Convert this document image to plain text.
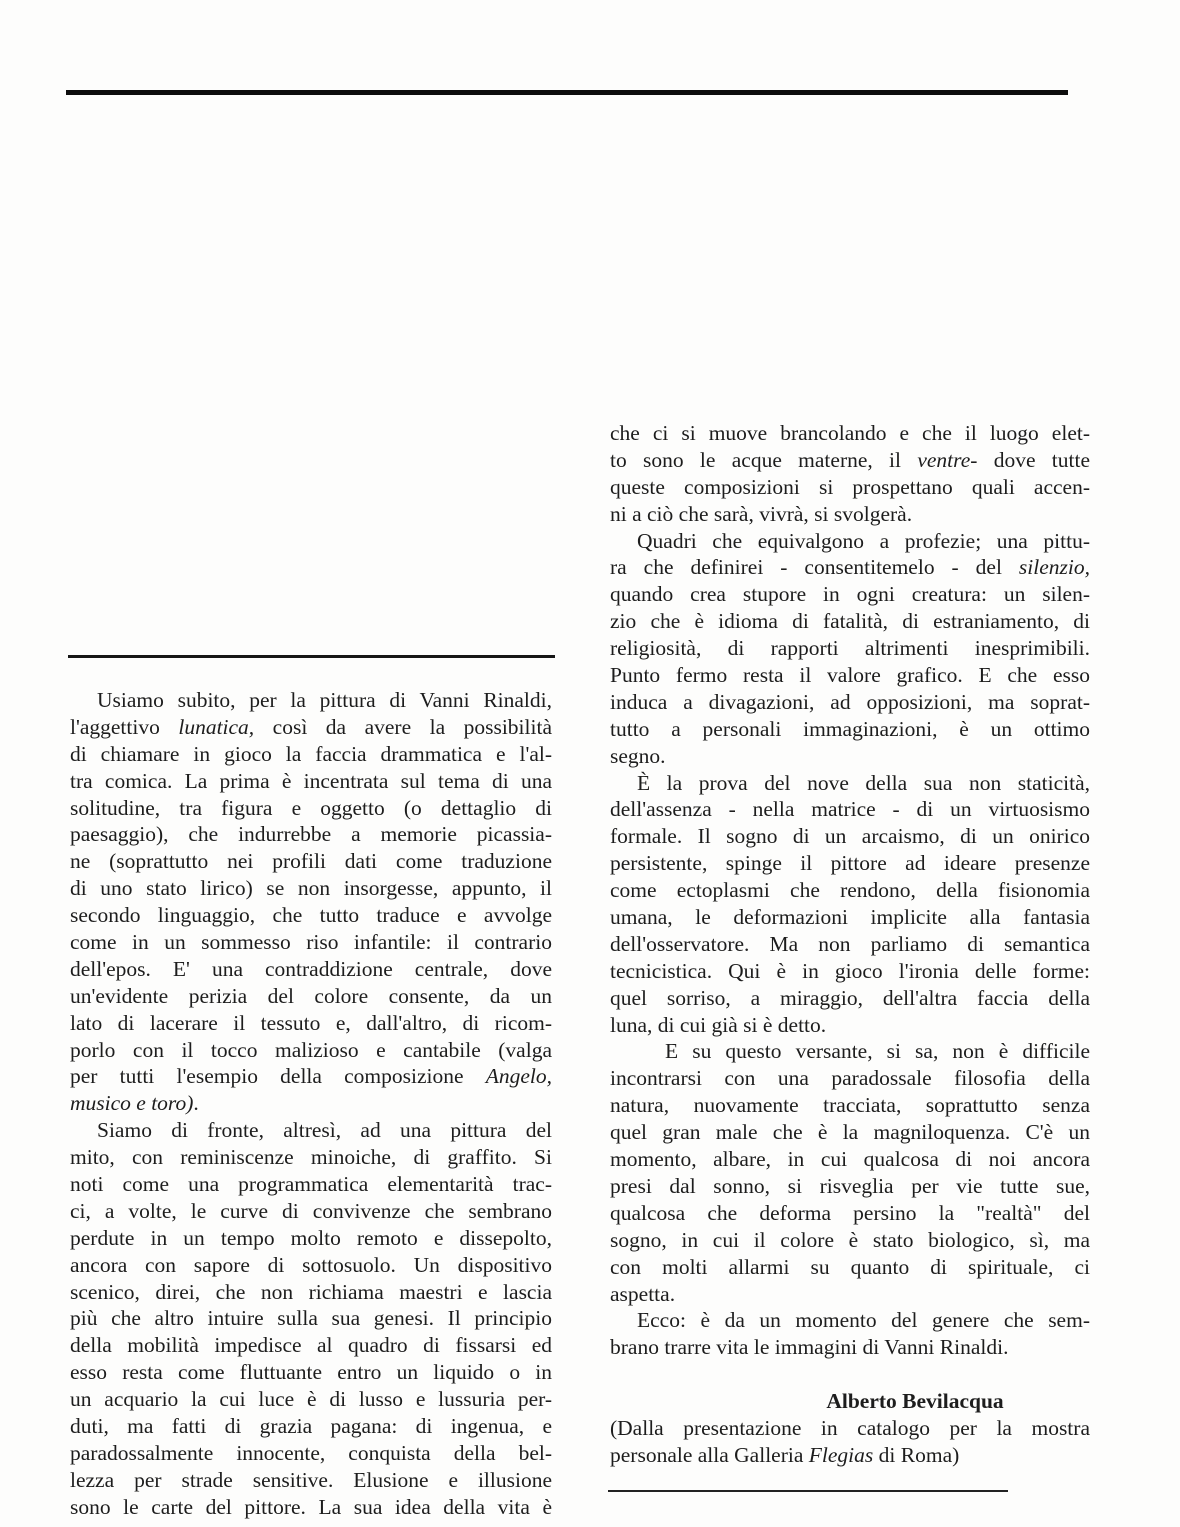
Usiamo subito, per la pittura di Vanni Rinaldi,
l'aggettivo lunatica, così da avere la possibilità
di chiamare in gioco la faccia drammatica e l'al-
tra comica. La prima è incentrata sul tema di una
solitudine, tra figura e oggetto (o dettaglio di
paesaggio), che indurrebbe a memorie picassia-
ne (soprattutto nei profili dati come traduzione
di uno stato lirico) se non insorgesse, appunto, il
secondo linguaggio, che tutto traduce e avvolge
come in un sommesso riso infantile: il contrario
dell'epos. E' una contraddizione centrale, dove
un'evidente perizia del colore consente, da un
lato di lacerare il tessuto e, dall'altro, di ricom-
porlo con il tocco malizioso e cantabile (valga
per tutti l'esempio della composizione Angelo,
musico e toro).
Siamo di fronte, altresì, ad una pittura del
mito, con reminiscenze minoiche, di graffito. Si
noti come una programmatica elementarità trac-
ci, a volte, le curve di convivenze che sembrano
perdute in un tempo molto remoto e dissepolto,
ancora con sapore di sottosuolo. Un dispositivo
scenico, direi, che non richiama maestri e lascia
più che altro intuire sulla sua genesi. Il principio
della mobilità impedisce al quadro di fissarsi ed
esso resta come fluttuante entro un liquido o in
un acquario la cui luce è di lusso e lussuria per-
duti, ma fatti di grazia pagana: di ingenua, e
paradossalmente innocente, conquista della bel-
lezza per strade sensitive. Elusione e illusione
sono le carte del pittore. La sua idea della vita è
che ci si muove brancolando e che il luogo elet-
to sono le acque materne, il ventre- dove tutte
queste composizioni si prospettano quali accen-
ni a ciò che sarà, vivrà, si svolgerà.
Quadri che equivalgono a profezie; una pittu-
ra che definirei - consentitemelo - del silenzio,
quando crea stupore in ogni creatura: un silen-
zio che è idioma di fatalità, di estraniamento, di
religiosità, di rapporti altrimenti inesprimibili.
Punto fermo resta il valore grafico. E che esso
induca a divagazioni, ad opposizioni, ma soprat-
tutto a personali immaginazioni, è un ottimo
segno.
È la prova del nove della sua non staticità,
dell'assenza - nella matrice - di un virtuosismo
formale. Il sogno di un arcaismo, di un onirico
persistente, spinge il pittore ad ideare presenze
come ectoplasmi che rendono, della fisionomia
umana, le deformazioni implicite alla fantasia
dell'osservatore. Ma non parliamo di semantica
tecnicistica. Qui è in gioco l'ironia delle forme:
quel sorriso, a miraggio, dell'altra faccia della
luna, di cui già si è detto.
E su questo versante, si sa, non è difficile
incontrarsi con una paradossale filosofia della
natura, nuovamente tracciata, soprattutto senza
quel gran male che è la magniloquenza. C'è un
momento, albare, in cui qualcosa di noi ancora
presi dal sonno, si risveglia per vie tutte sue,
qualcosa che deforma persino la "realtà" del
sogno, in cui il colore è stato biologico, sì, ma
con molti allarmi su quanto di spirituale, ci
aspetta.
Ecco: è da un momento del genere che sem-
brano trarre vita le immagini di Vanni Rinaldi.
Alberto Bevilacqua
(Dalla presentazione in catalogo per la mostra
personale alla Galleria Flegias di Roma)
